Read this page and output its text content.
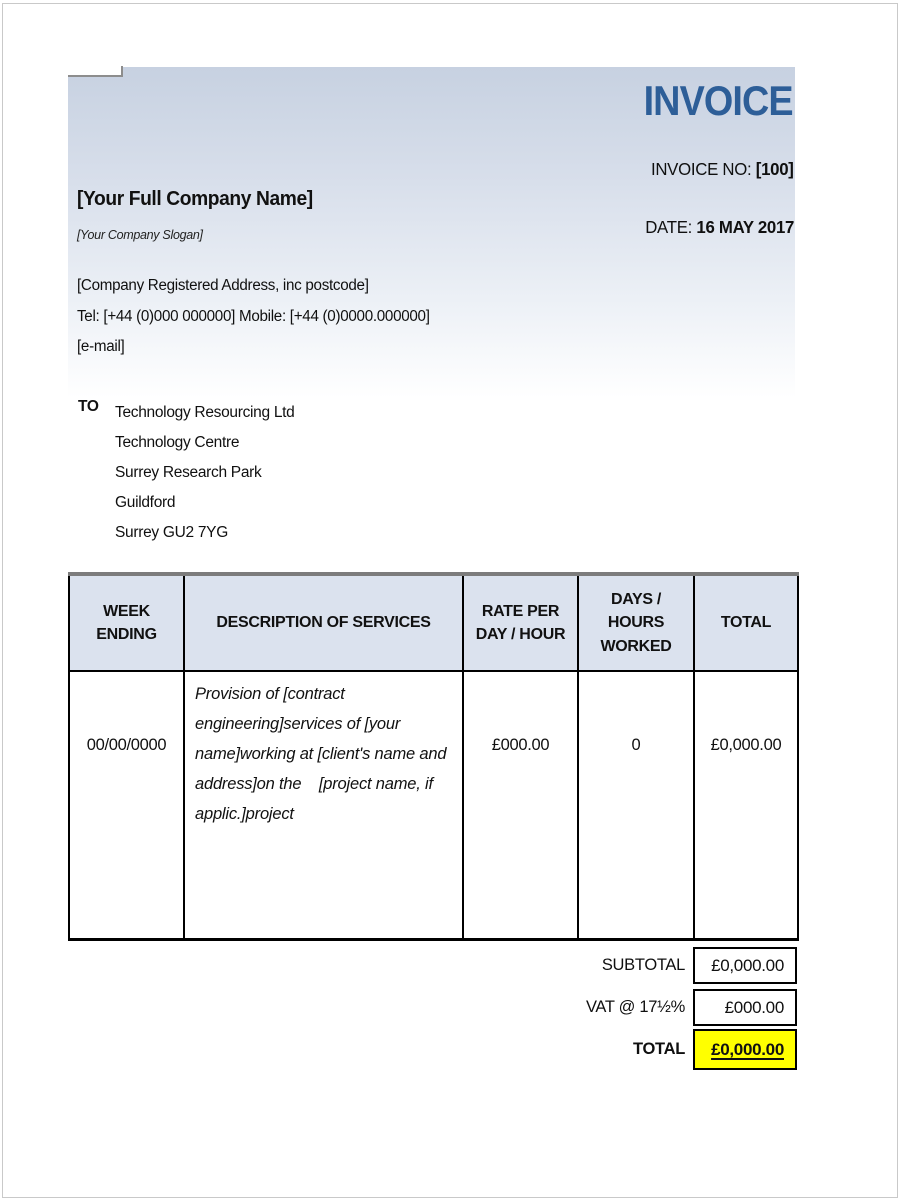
INVOICE
INVOICE NO: [100]
[Your Full Company Name]
[Your Company Slogan]	DATE: 16 MAY 2017
[Company Registered Address, inc postcode]
Tel: [+44 (0)000 000000] Mobile: [+44 (0)0000.000000]
[e-mail]
TO Technology Resourcing Ltd
Technology Centre
Surrey Research Park
Guildford
Surrey GU2 7YG
WEEK ENDING	DESCRIPTION OF SERVICES	RATE PER DAY / HOUR	DAYS / HOURS WORKED	TOTAL
00/00/0000	Provision of [contract engineering]services of [your name]working at [client's name and address]on the    [project name, if applic.]project	£000.00	0	£0,000.00
SUBTOTAL	£0,000.00
VAT @ 17½%	£000.00
TOTAL	£0,000.00
